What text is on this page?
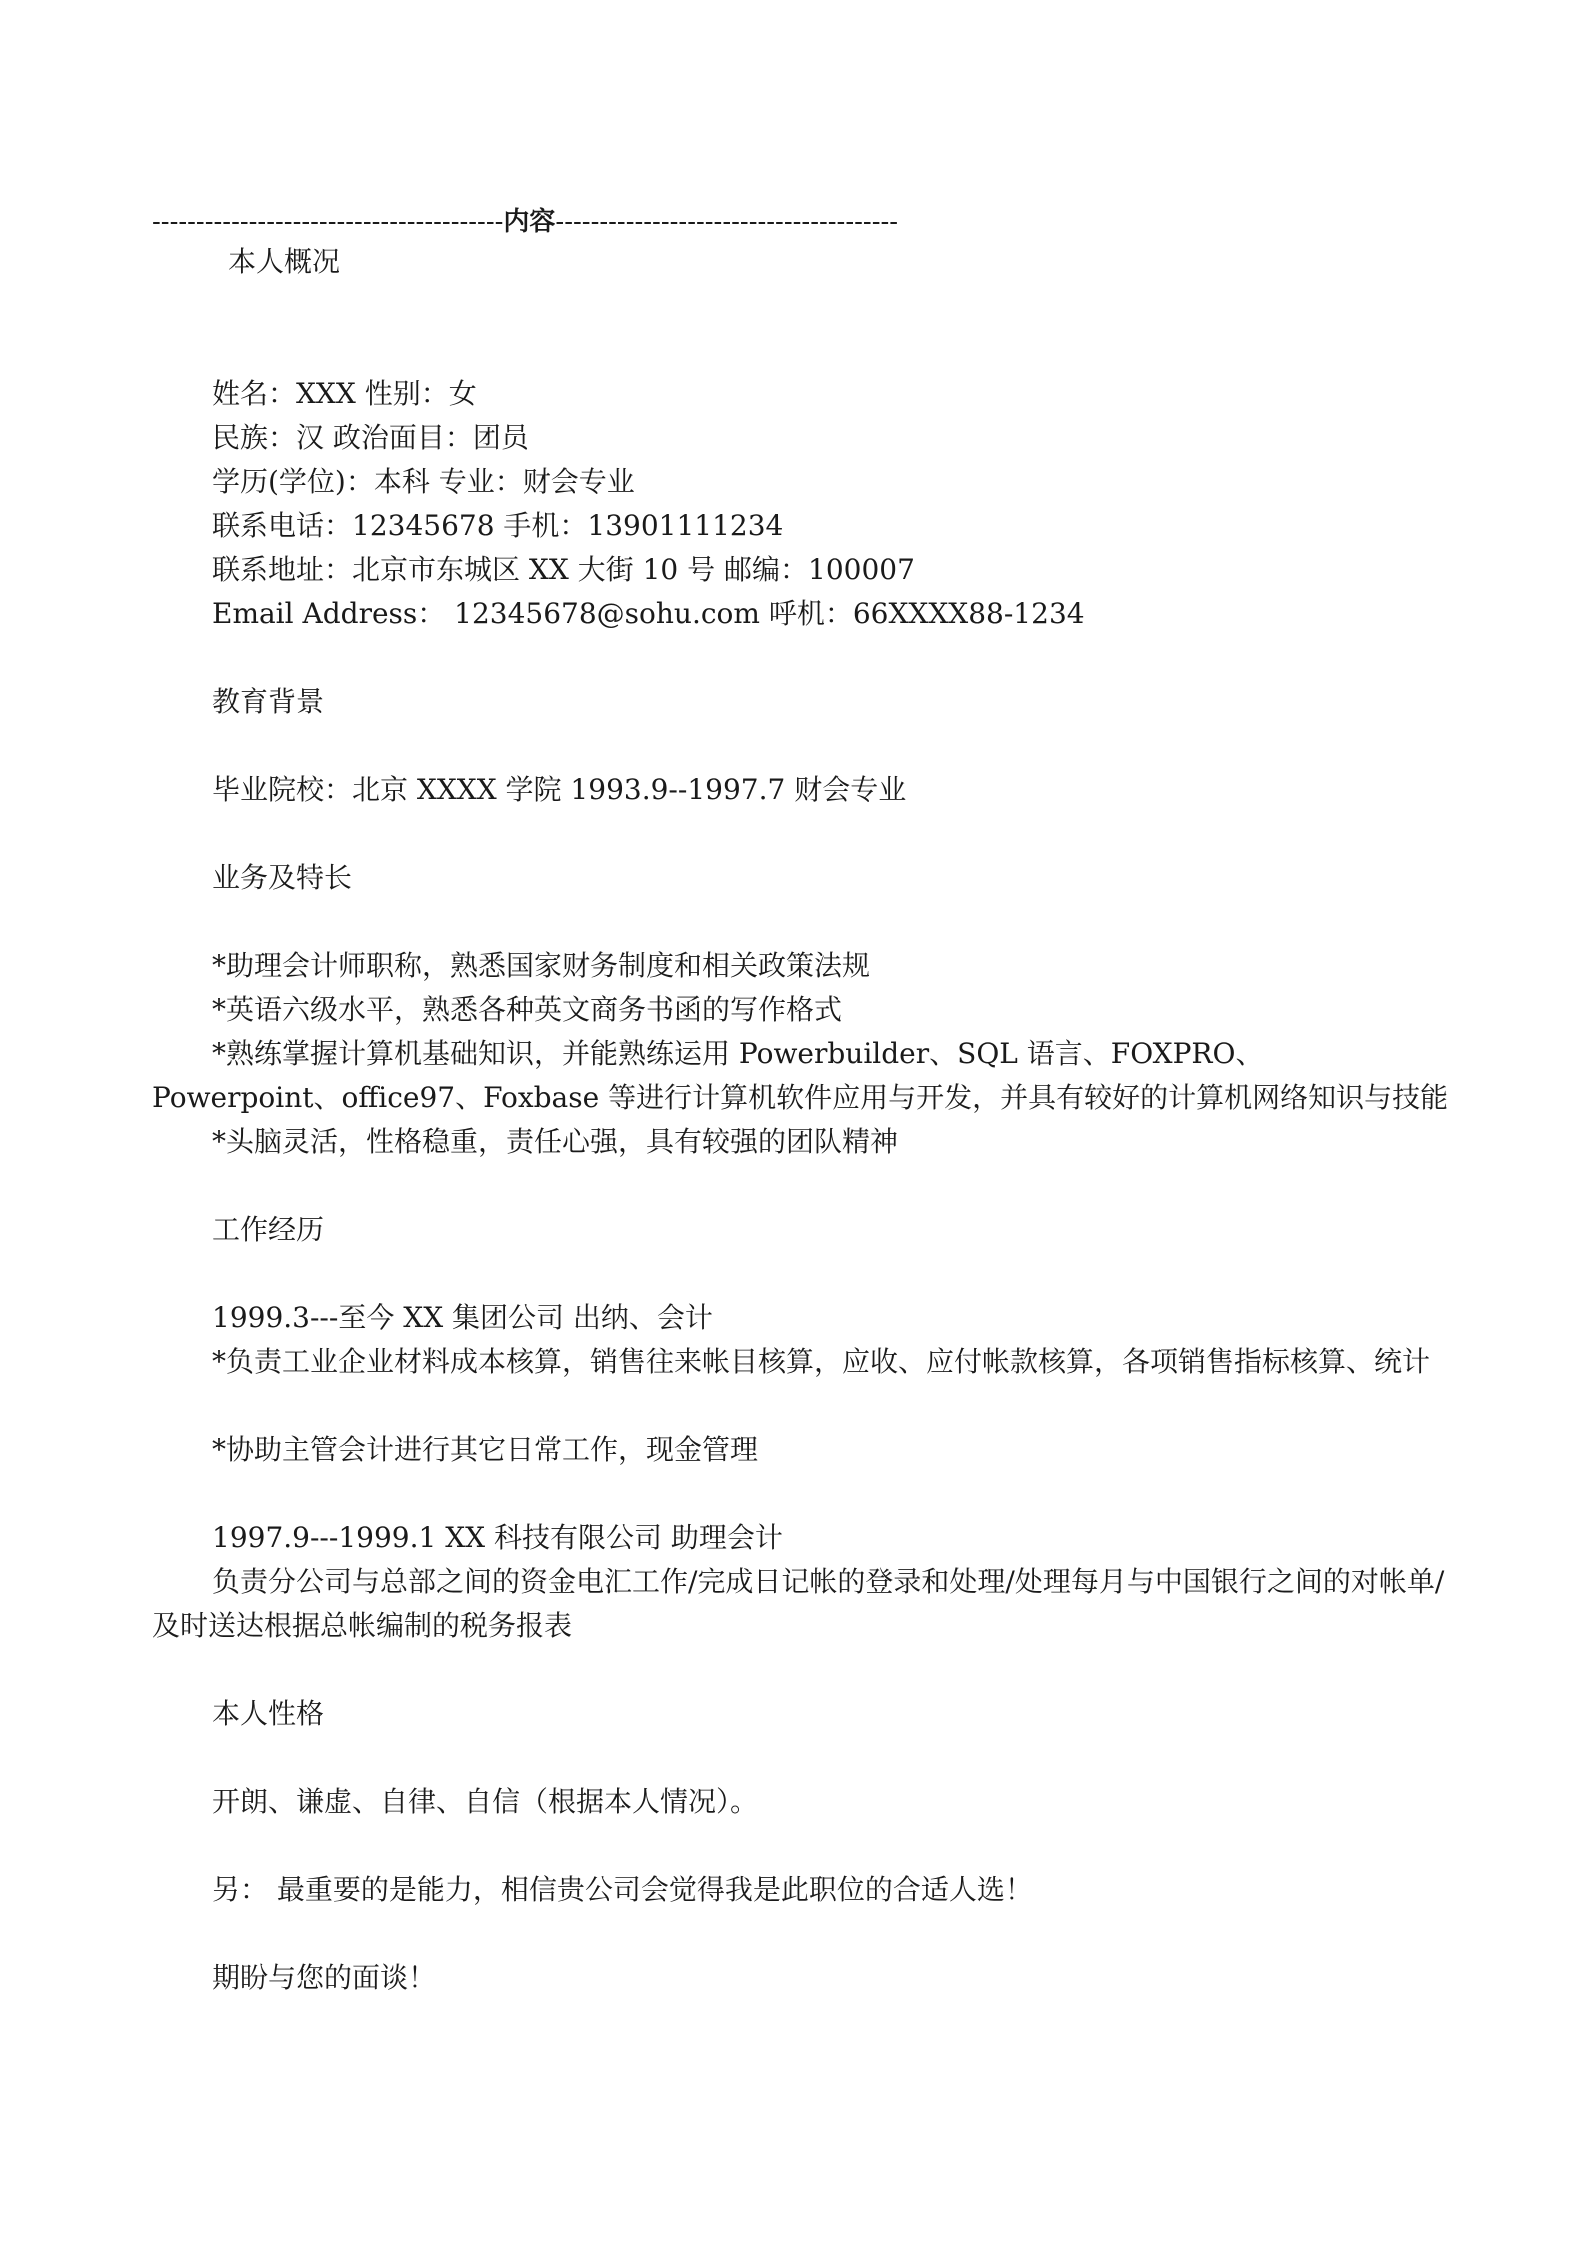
----------------------------------------内容---------------------------------------
本人概况
姓名：XXX 性别：女
民族：汉 政治面目：团员
学历(学位)：本科 专业：财会专业
联系电话：12345678 手机：13901111234
联系地址：北京市东城区 XX 大街 10 号 邮编：100007
Email Address： 12345678@sohu.com 呼机：66XXXX88-1234
教育背景
毕业院校：北京 XXXX 学院 1993.9--1997.7 财会专业
业务及特长
*助理会计师职称，熟悉国家财务制度和相关政策法规
*英语六级水平，熟悉各种英文商务书函的写作格式
*熟练掌握计算机基础知识，并能熟练运用 Powerbuilder、SQL 语言、FOXPRO、Powerpoint、office97、Foxbase 等进行计算机软件应用与开发，并具有较好的计算机网络知识与技能
*头脑灵活，性格稳重，责任心强，具有较强的团队精神
工作经历
1999.3---至今 XX 集团公司 出纳、会计
*负责工业企业材料成本核算，销售往来帐目核算，应收、应付帐款核算，各项销售指标核算、统计
*协助主管会计进行其它日常工作，现金管理
1997.9---1999.1 XX 科技有限公司 助理会计
负责分公司与总部之间的资金电汇工作/完成日记帐的登录和处理/处理每月与中国银行之间的对帐单/及时送达根据总帐编制的税务报表
本人性格
开朗、谦虚、自律、自信（根据本人情况）。
另： 最重要的是能力，相信贵公司会觉得我是此职位的合适人选！
期盼与您的面谈！
